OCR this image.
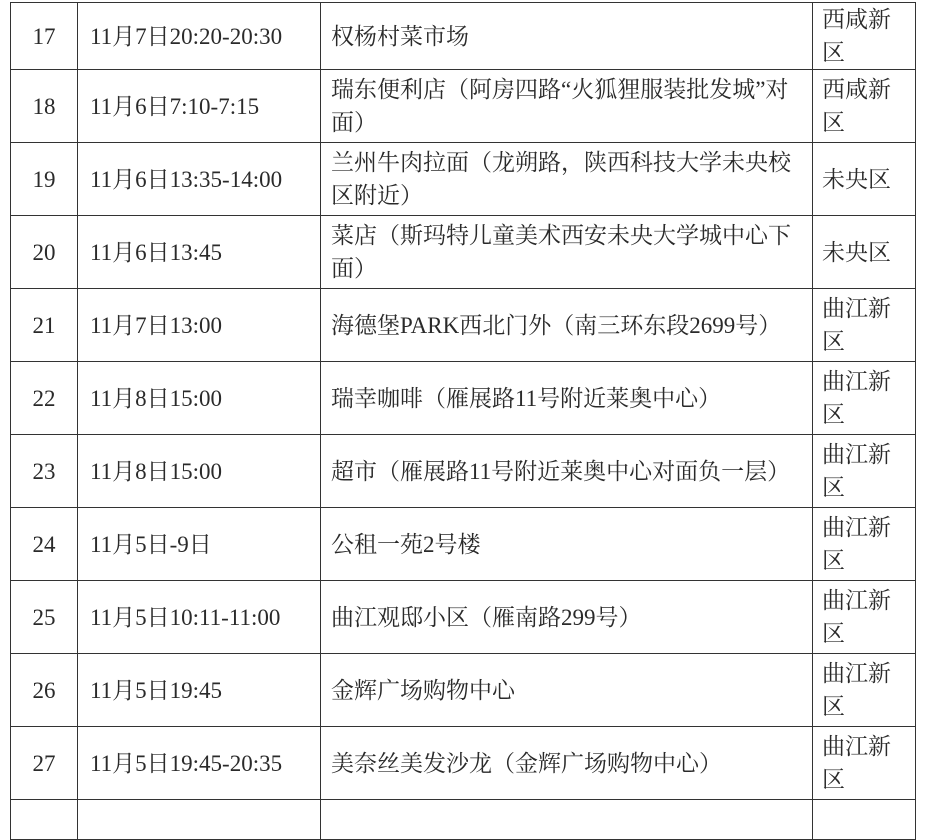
17	11月7日20:20-20:30	权杨村菜市场	西咸新区
18	11月6日7:10-7:15	瑞东便利店（阿房四路“火狐狸服装批发城”对面）	西咸新区
19	11月6日13:35-14:00	兰州牛肉拉面（龙朔路，陕西科技大学未央校区附近）	未央区
20	11月6日13:45	菜店（斯玛特儿童美术西安未央大学城中心下面）	未央区
21	11月7日13:00	海德堡PARK西北门外（南三环东段2699号）	曲江新区
22	11月8日15:00	瑞幸咖啡（雁展路11号附近莱奥中心）	曲江新区
23	11月8日15:00	超市（雁展路11号附近莱奥中心对面负一层）	曲江新区
24	11月5日-9日	公租一苑2号楼	曲江新区
25	11月5日10:11-11:00	曲江观邸小区（雁南路299号）	曲江新区
26	11月5日19:45	金辉广场购物中心	曲江新区
27	11月5日19:45-20:35	美奈丝美发沙龙（金辉广场购物中心）	曲江新区
